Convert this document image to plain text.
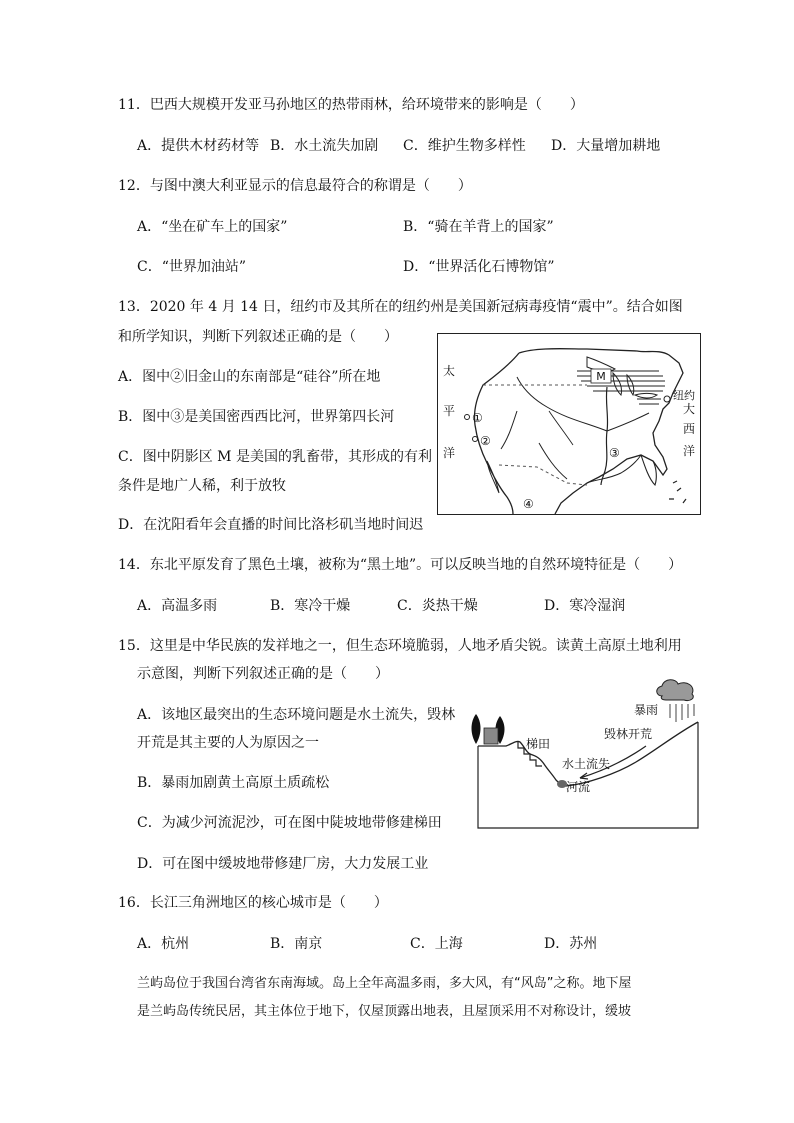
11．巴西大规模开发亚马孙地区的热带雨林，给环境带来的影响是（　　）
A．提供木材药材等 B．水土流失加剧 C．维护生物多样性 D．大量增加耕地
12．与图中澳大利亚显示的信息最符合的称谓是（　　）
A．“坐在矿车上的国家”	B．“骑在羊背上的国家”
C．“世界加油站”	D．“世界活化石博物馆”
13．2020 年 4 月 14 日，纽约市及其所在的纽约州是美国新冠病毒疫情“震中”。结合如图
和所学知识，判断下列叙述正确的是（　　）
A．图中②旧金山的东南部是“硅谷”所在地
B．图中③是美国密西西比河，世界第四长河
C．图中阴影区 M 是美国的乳畜带，其形成的有利
条件是地广人稀，利于放牧
D．在沈阳看年会直播的时间比洛杉矶当地时间迟
M
太
平
洋
大
西
洋
纽约
①
②
③
④
14．东北平原发育了黑色土壤，被称为“黑土地”。可以反映当地的自然环境特征是（　　）
A．高温多雨	B．寒冷干燥	C．炎热干燥	D．寒冷湿润
15．这里是中华民族的发祥地之一，但生态环境脆弱，人地矛盾尖锐。读黄土高原土地利用
示意图，判断下列叙述正确的是（　　）
A．该地区最突出的生态环境问题是水土流失，毁林
开荒是其主要的人为原因之一
B．暴雨加剧黄土高原土质疏松
C．为减少河流泥沙，可在图中陡坡地带修建梯田
D．可在图中缓坡地带修建厂房，大力发展工业
暴雨
毁林开荒
梯田
水土流失
河流
16．长江三角洲地区的核心城市是（　　）
A．杭州	B．南京	C．上海	D．苏州
兰屿岛位于我国台湾省东南海域。岛上全年高温多雨，多大风，有“风岛”之称。地下屋
是兰屿岛传统民居，其主体位于地下，仅屋顶露出地表，且屋顶采用不对称设计，缓坡
